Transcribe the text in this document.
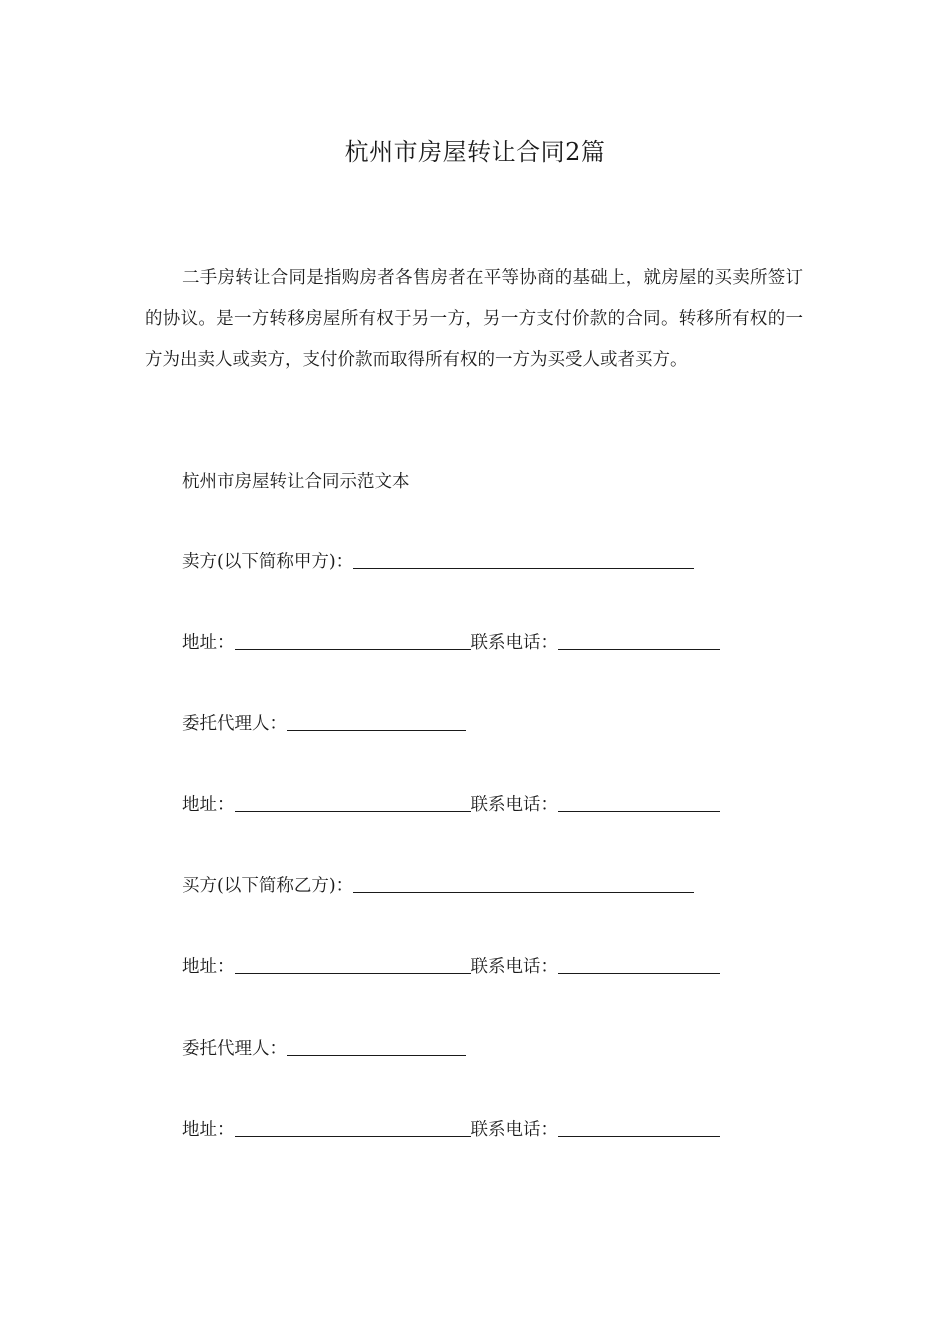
杭州市房屋转让合同2篇

二手房转让合同是指购房者各售房者在平等协商的基础上，就房屋的买卖所签订的协议。是一方转移房屋所有权于另一方，另一方支付价款的合同。转移所有权的一方为出卖人或卖方，支付价款而取得所有权的一方为买受人或者买方。

杭州市房屋转让合同示范文本
卖方(以下简称甲方)：
地址：	联系电话：
委托代理人：
地址：	联系电话：
买方(以下简称乙方)：
地址：	联系电话：
委托代理人：
地址：	联系电话：
